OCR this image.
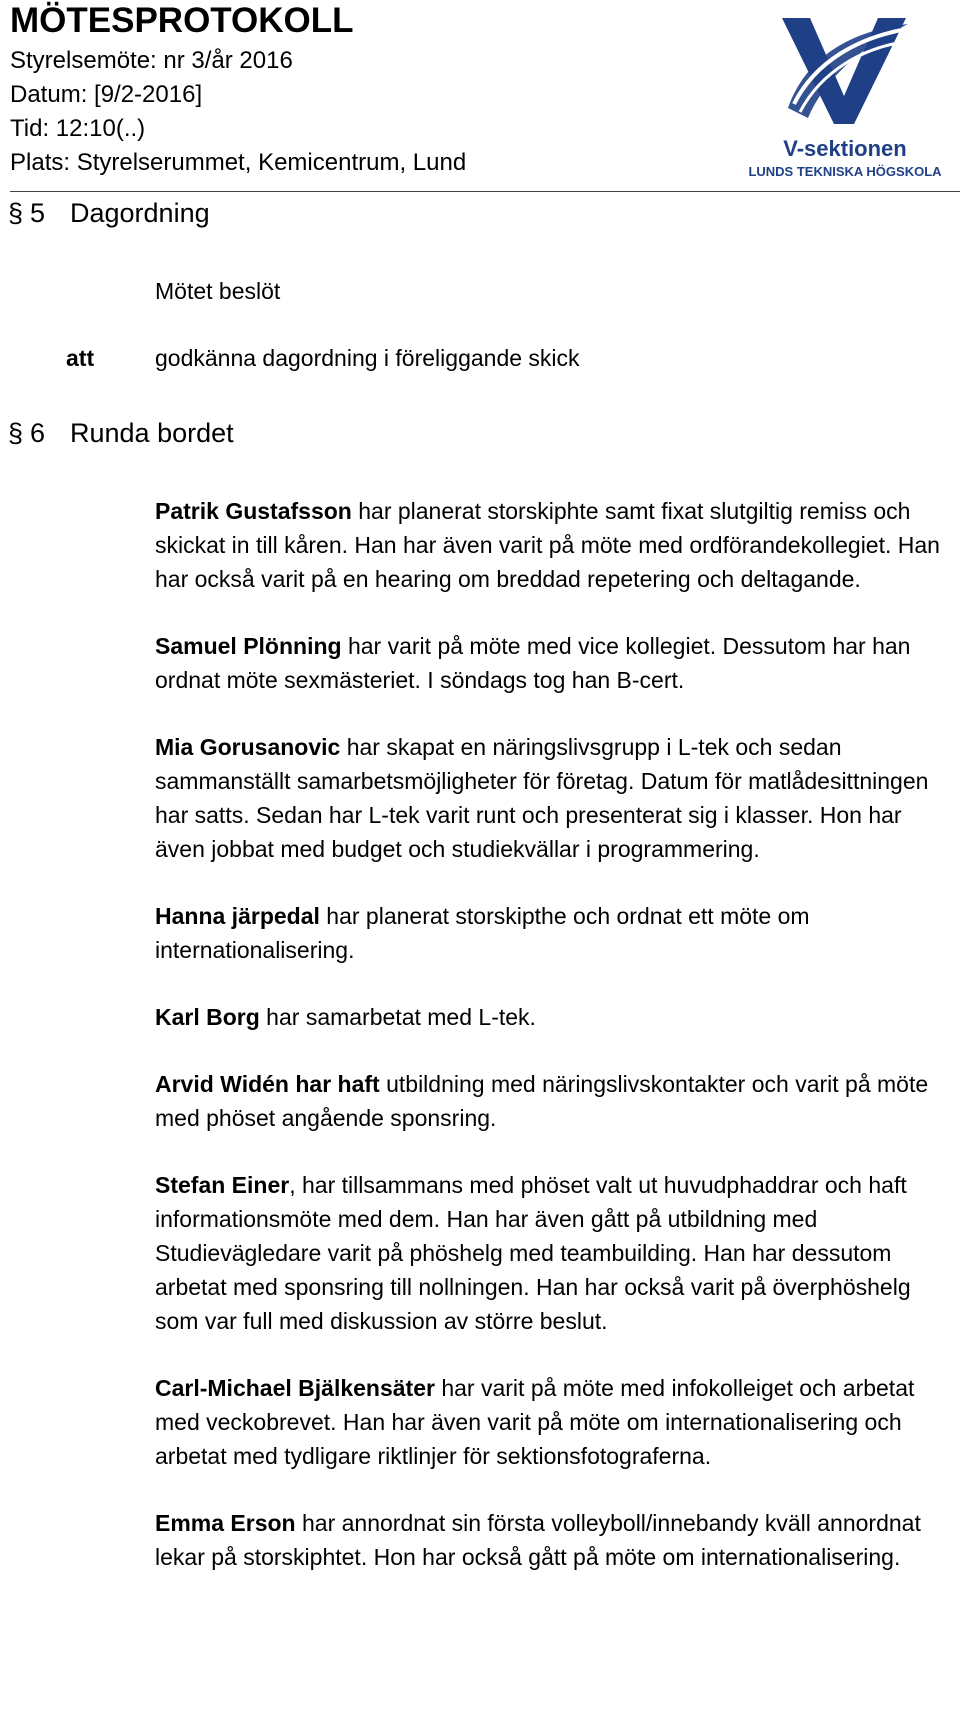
MÖTESPROTOKOLL
Styrelsemöte: nr 3/år 2016
Datum: [9/2-2016]
Tid: 12:10(..)
Plats: Styrelserummet, Kemicentrum, Lund
V-sektionen
LUNDS TEKNISKA HÖGSKOLA
§ 5 Dagordning
Mötet beslöt
att	godkänna dagordning i föreliggande skick
§ 6 Runda bordet

Patrik Gustafsson har planerat storskiphte samt fixat slutgiltig remiss och skickat in till kåren. Han har även varit på möte med ordförandekollegiet. Han har också varit på en hearing om breddad repetering och deltagande.

Samuel Plönning har varit på möte med vice kollegiet. Dessutom har han ordnat möte sexmästeriet. I söndags tog han B-cert.

Mia Gorusanovic har skapat en näringslivsgrupp i L-tek och sedan sammanställt samarbetsmöjligheter för företag. Datum för matlådesittningen har satts. Sedan har L-tek varit runt och presenterat sig i klasser. Hon har även jobbat med budget och studiekvällar i programmering.

Hanna järpedal har planerat storskipthe och ordnat ett möte om internationalisering.

Karl Borg har samarbetat med L-tek.

Arvid Widén har haft utbildning med näringslivskontakter och varit på möte med phöset angående sponsring.

Stefan Einer, har tillsammans med phöset valt ut huvudphaddrar och haft informationsmöte med dem. Han har även gått på utbildning med Studievägledare varit på phöshelg med teambuilding. Han har dessutom arbetat med sponsring till nollningen. Han har också varit på överphöshelg som var full med diskussion av större beslut.

Carl-Michael Bjälkensäter har varit på möte med infokolleiget och arbetat med veckobrevet. Han har även varit på möte om internationalisering och arbetat med tydligare riktlinjer för sektionsfotograferna.

Emma Erson har annordnat sin första volleyboll/innebandy kväll annordnat lekar på storskiphtet. Hon har också gått på möte om internationalisering.
